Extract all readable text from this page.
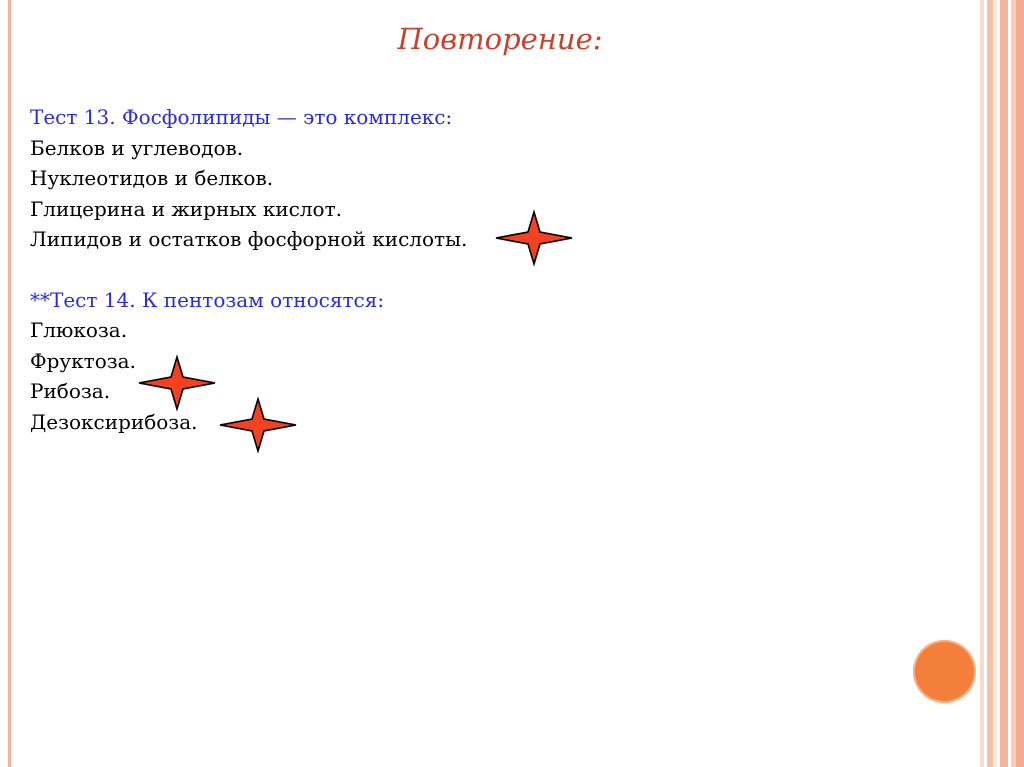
Повторение:
Тест 13. Фосфолипиды — это комплекс:
Белков и углеводов.
Нуклеотидов и белков.
Глицерина и жирных кислот.
Липидов и остатков фосфорной кислоты.
**Тест 14. К пентозам относятся:
Глюкоза.
Фруктоза.
Рибоза.
Дезоксирибоза.
